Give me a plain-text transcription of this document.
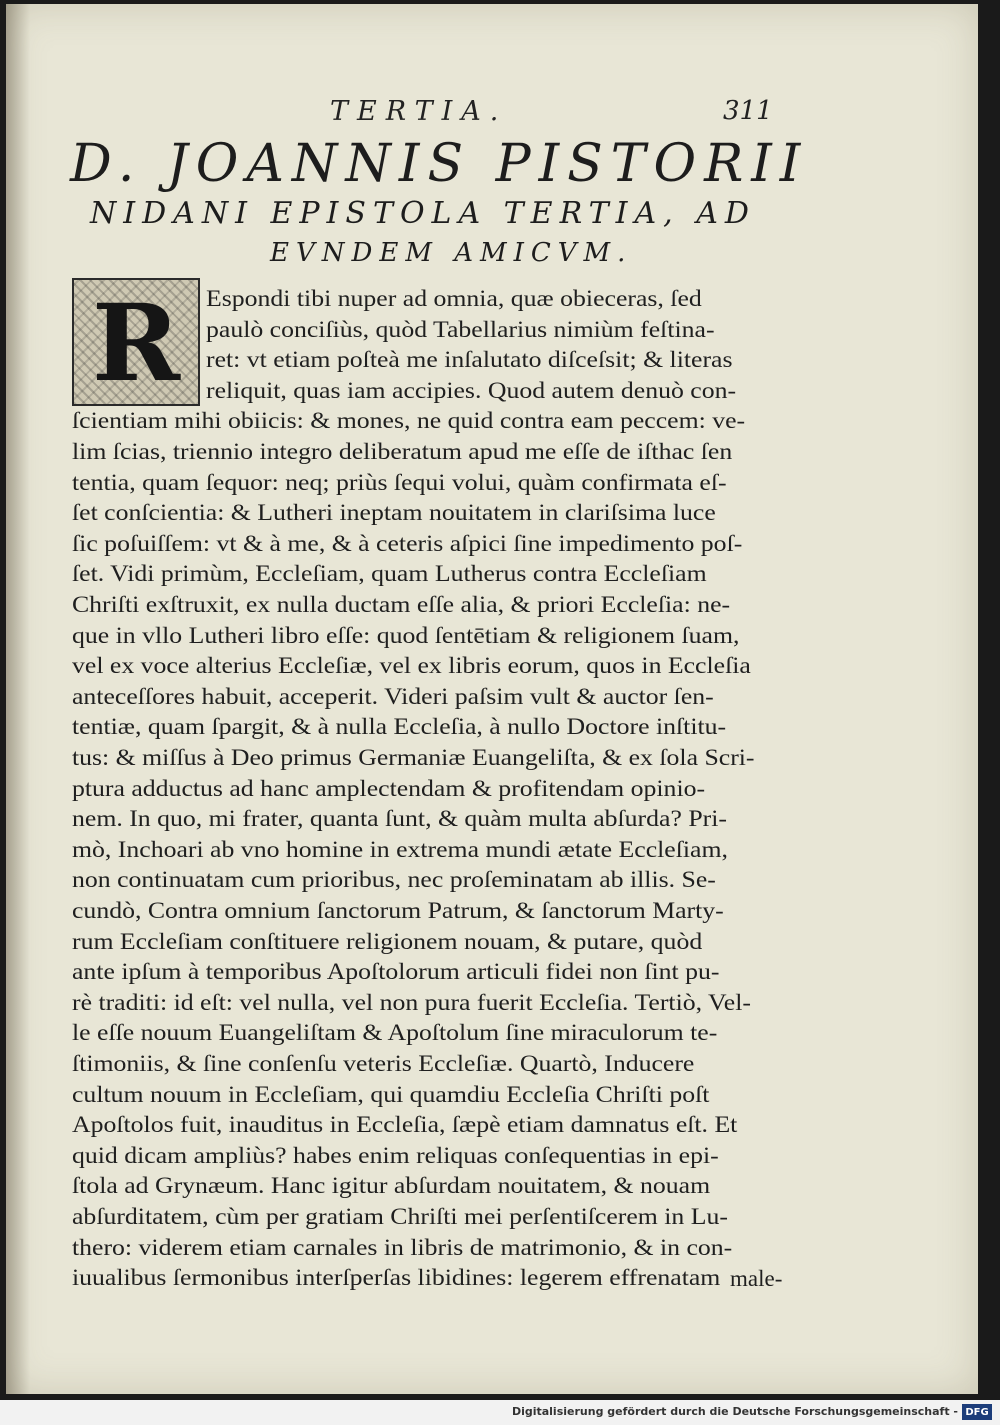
TERTIA.	311
D. JOANNIS PISTORII
NIDANI EPISTOLA TERTIA, AD
EVNDEM AMICVM.
R	Espondi tibi nuper ad omnia, quæ obieceras, ſed
paulò conciſiùs, quòd Tabellarius nimiùm feſtina-
ret: vt etiam poſteà me inſalutato diſceſsit; & literas
reliquit, quas iam accipies. Quod autem denuò con-
ſcientiam mihi obiicis: & mones, ne quid contra eam peccem: ve-
lim ſcias, triennio integro deliberatum apud me eſſe de iſthac ſen
tentia, quam ſequor: neq; priùs ſequi volui, quàm confirmata eſ-
ſet conſcientia: & Lutheri ineptam nouitatem in clariſsima luce
ſic poſuiſſem: vt & à me, & à ceteris aſpici ſine impedimento poſ-
ſet. Vidi primùm, Eccleſiam, quam Lutherus contra Eccleſiam
Chriſti exſtruxit, ex nulla ductam eſſe alia, & priori Eccleſia: ne-
que in vllo Lutheri libro eſſe: quod ſentētiam & religionem ſuam,
vel ex voce alterius Eccleſiæ, vel ex libris eorum, quos in Eccleſia
anteceſſores habuit, acceperit. Videri paſsim vult & auctor ſen-
tentiæ, quam ſpargit, & à nulla Eccleſia, à nullo Doctore inſtitu-
tus: & miſſus à Deo primus Germaniæ Euangeliſta, & ex ſola Scri-
ptura adductus ad hanc amplectendam & profitendam opinio-
nem. In quo, mi frater, quanta ſunt, & quàm multa abſurda? Pri-
mò, Inchoari ab vno homine in extrema mundi ætate Eccleſiam,
non continuatam cum prioribus, nec proſeminatam ab illis. Se-
cundò, Contra omnium ſanctorum Patrum, & ſanctorum Marty-
rum Eccleſiam conſtituere religionem nouam, & putare, quòd
ante ipſum à temporibus Apoſtolorum articuli fidei non ſint pu-
rè traditi: id eſt: vel nulla, vel non pura fuerit Eccleſia. Tertiò, Vel-
le eſſe nouum Euangeliſtam & Apoſtolum ſine miraculorum te-
ſtimoniis, & ſine conſenſu veteris Eccleſiæ. Quartò, Inducere
cultum nouum in Eccleſiam, qui quamdiu Eccleſia Chriſti poſt
Apoſtolos fuit, inauditus in Eccleſia, ſæpè etiam damnatus eſt. Et
quid dicam ampliùs? habes enim reliquas conſequentias in epi-
ſtola ad Grynæum. Hanc igitur abſurdam nouitatem, & nouam
abſurditatem, cùm per gratiam Chriſti mei perſentiſcerem in Lu-
thero: viderem etiam carnales in libris de matrimonio, & in con-
iuualibus ſermonibus interſperſas libidines: legerem effrenatam male-
Digitalisierung gefördert durch die Deutsche Forschungsgemeinschaft - DFG
